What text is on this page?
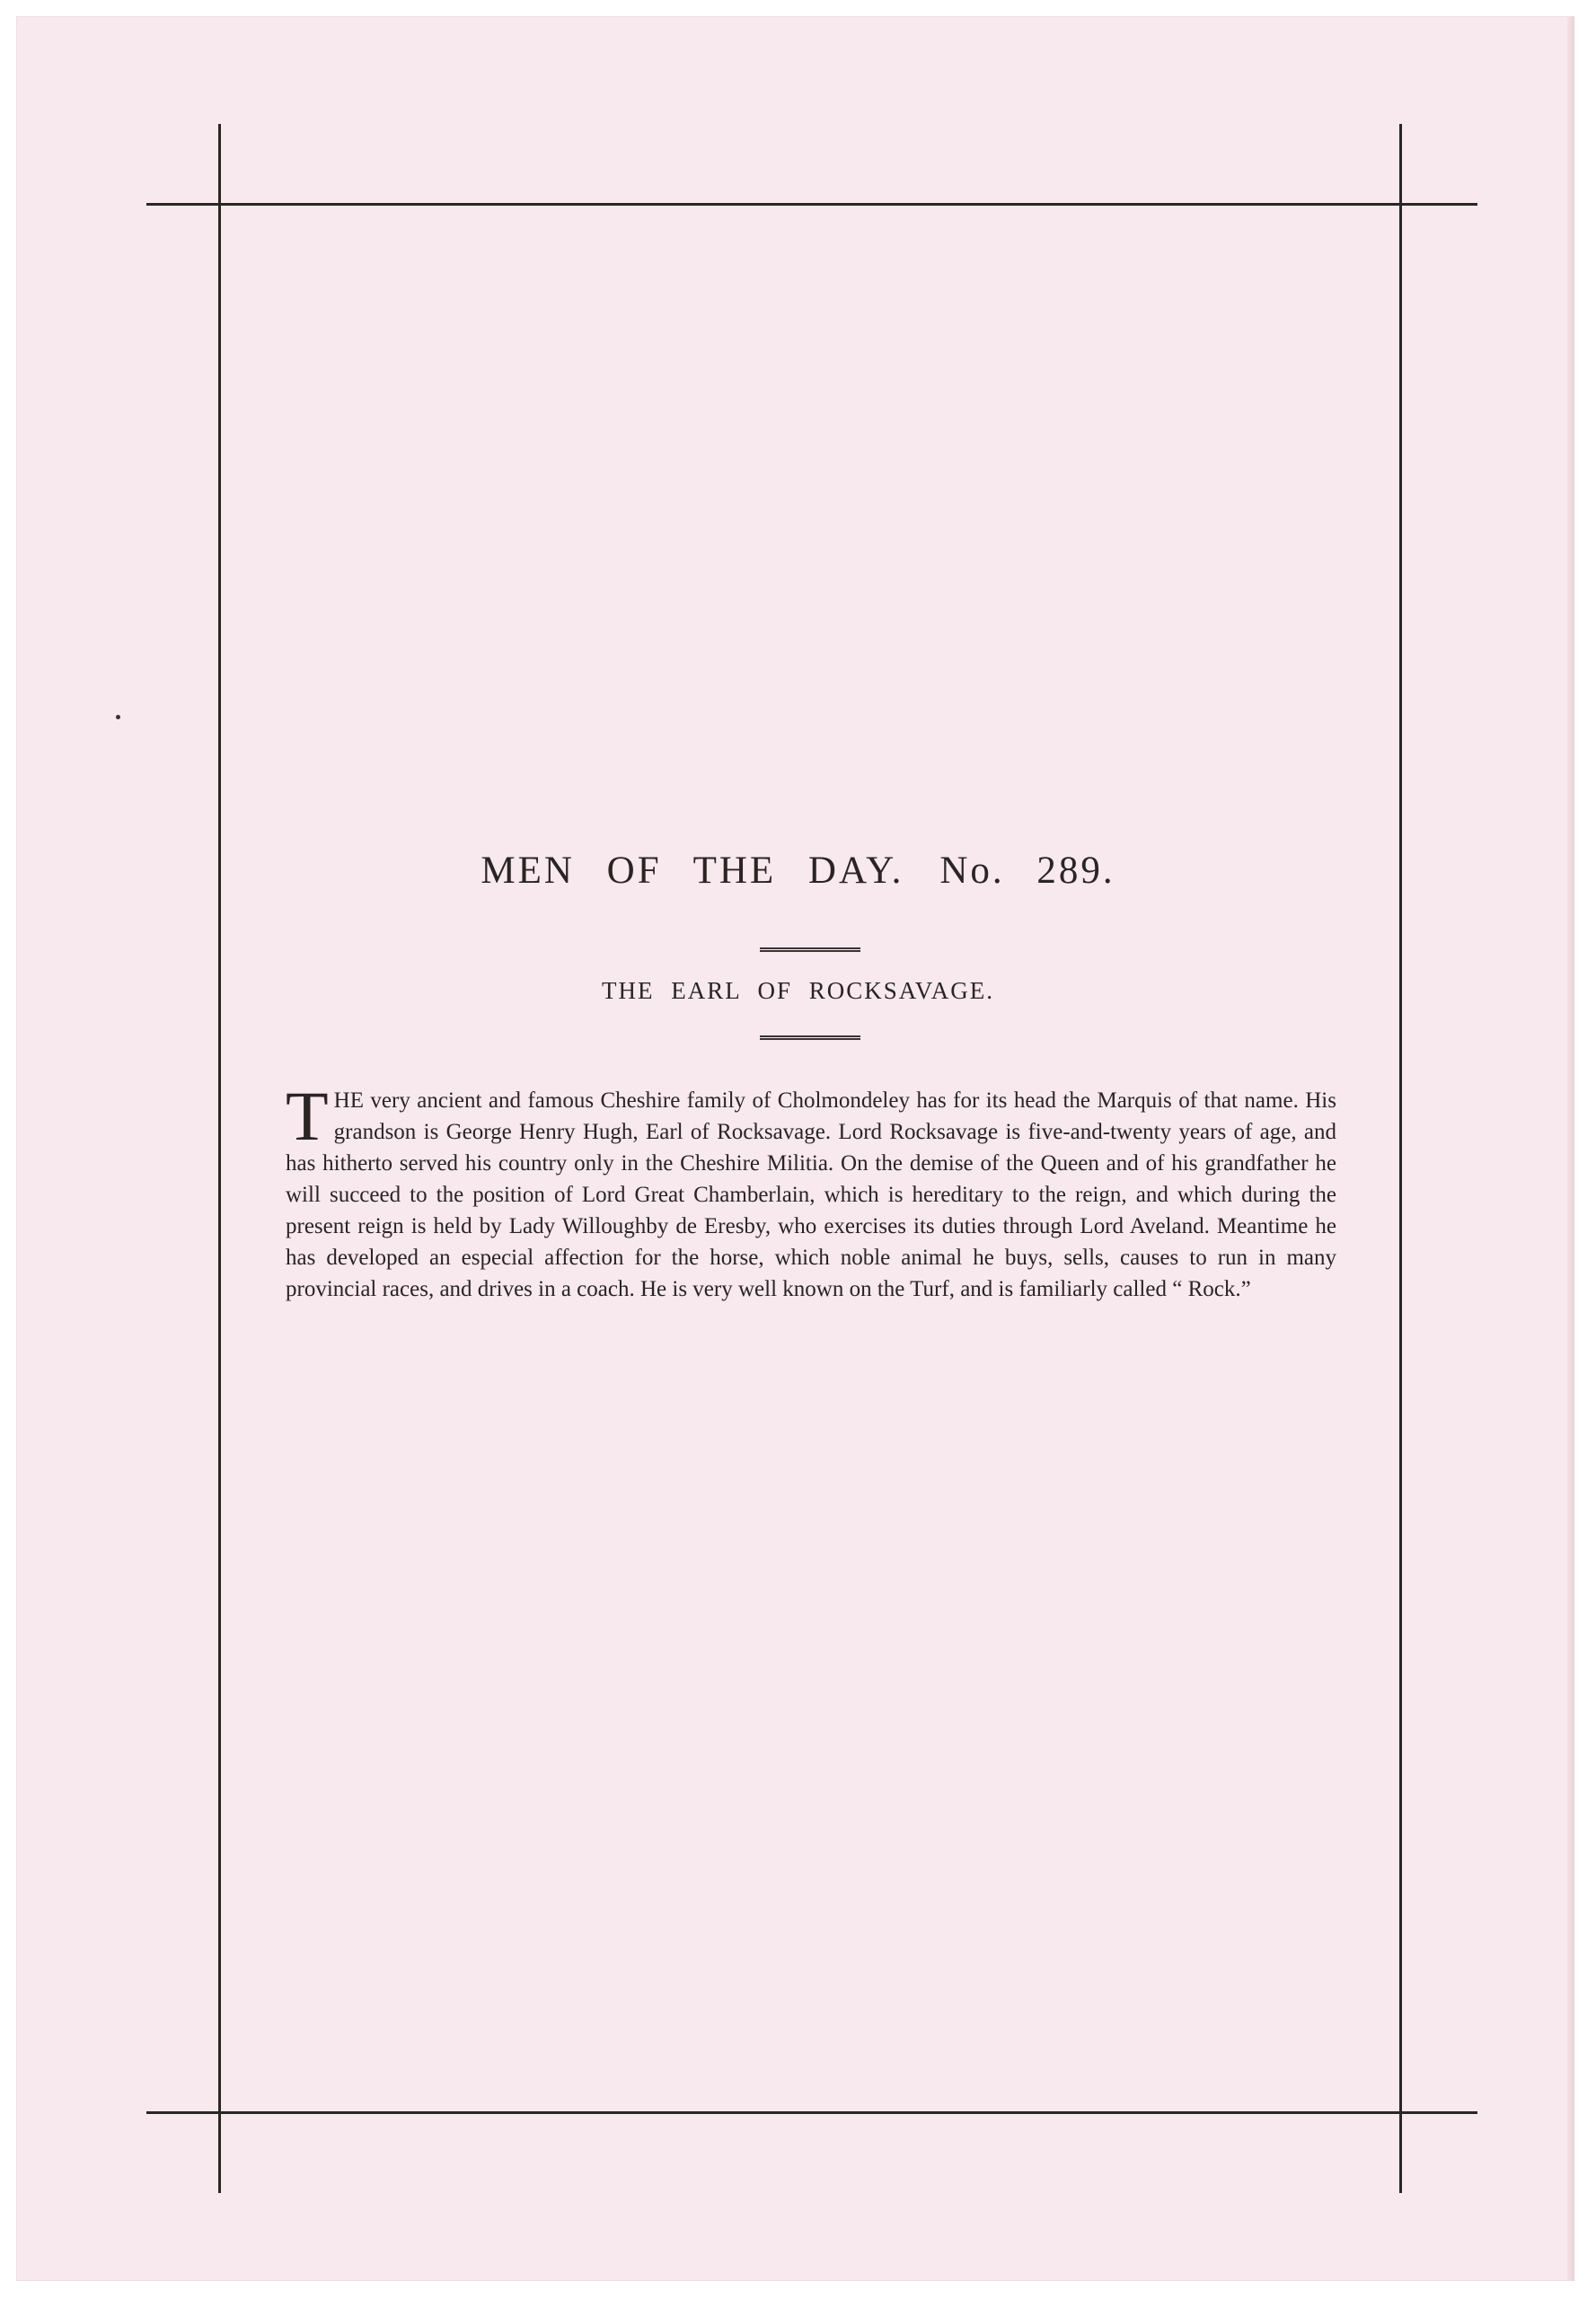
MEN OF THE DAY. No. 289.
THE EARL OF ROCKSAVAGE.
THE very ancient and famous Cheshire family of Cholmondeley has for its head the Marquis of that name. His grandson is George Henry Hugh, Earl of Rocksavage. Lord Rocksavage is five-and-twenty years of age, and has hitherto served his country only in the Cheshire Militia. On the demise of the Queen and of his grandfather he will succeed to the position of Lord Great Chamberlain, which is hereditary to the reign, and which during the present reign is held by Lady Willoughby de Eresby, who exercises its duties through Lord Aveland. Meantime he has developed an especial affection for the horse, which noble animal he buys, sells, causes to run in many provincial races, and drives in a coach. He is very well known on the Turf, and is familiarly called “ Rock.”
